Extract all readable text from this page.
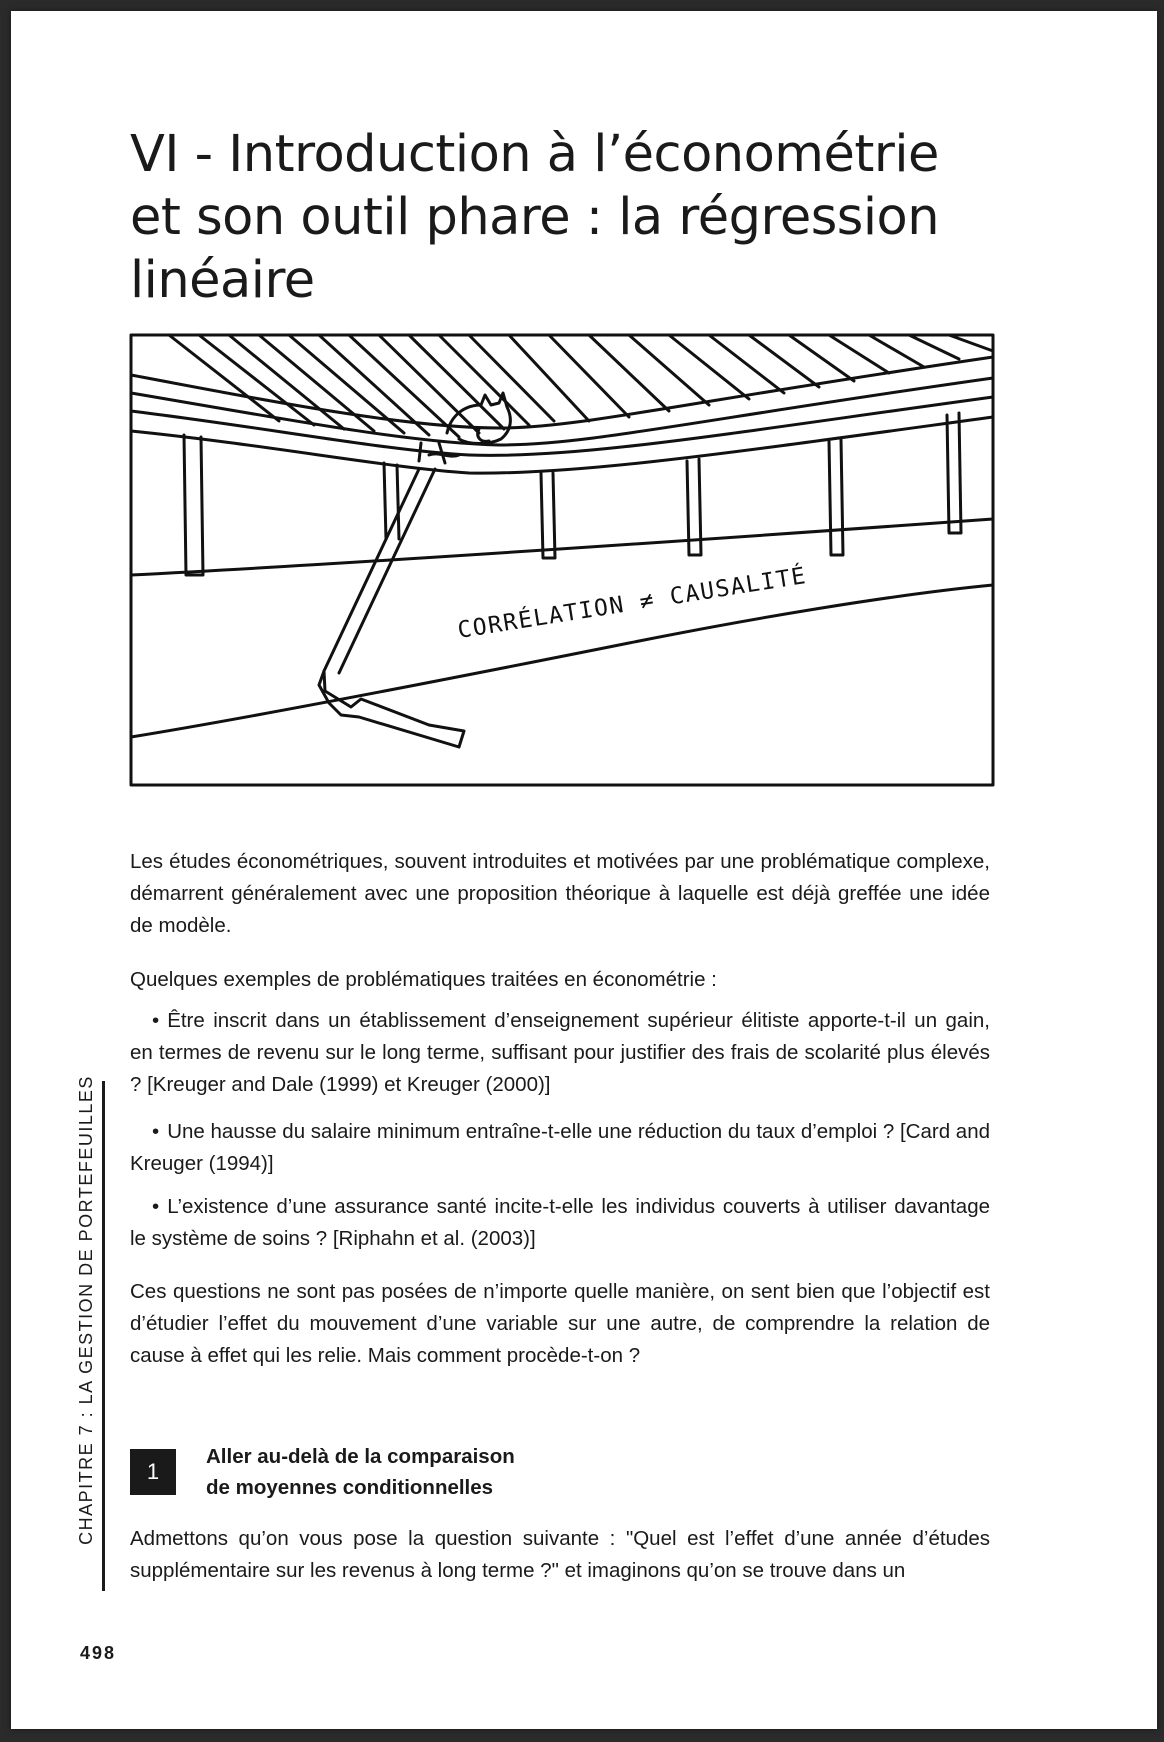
VI - Introduction à l’économétrie
et son outil phare : la régression
linéaire
CORRÉLATION ≠ CAUSALITÉ

Les études économétriques, souvent introduites et motivées par une problématique complexe, démarrent généralement avec une proposition théorique à laquelle est déjà greffée une idée de modèle.

Quelques exemples de problématiques traitées en économétrie :

• Être inscrit dans un établissement d’enseignement supérieur élitiste apporte-t-il un gain, en termes de revenu sur le long terme, suffisant pour justifier des frais de scolarité plus élevés ? [Kreuger and Dale (1999) et Kreuger (2000)]

• Une hausse du salaire minimum entraîne-t-elle une réduction du taux d’emploi ? [Card and Kreuger (1994)]

• L’existence d’une assurance santé incite-t-elle les individus couverts à utiliser davantage le système de soins ? [Riphahn et al. (2003)]

Ces questions ne sont pas posées de n’importe quelle manière, on sent bien que l’objectif est d’étudier l’effet du mouvement d’une variable sur une autre, de comprendre la relation de cause à effet qui les relie. Mais comment procède-t-on ?

1
Aller au-delà de la comparaison
de moyennes conditionnelles

Admettons qu’on vous pose la question suivante : "Quel est l’effet d’une année d’études supplémentaire sur les revenus à long terme ?" et imaginons qu’on se trouve dans un

CHAPITRE 7 : LA GESTION DE PORTEFEUILLES
498
